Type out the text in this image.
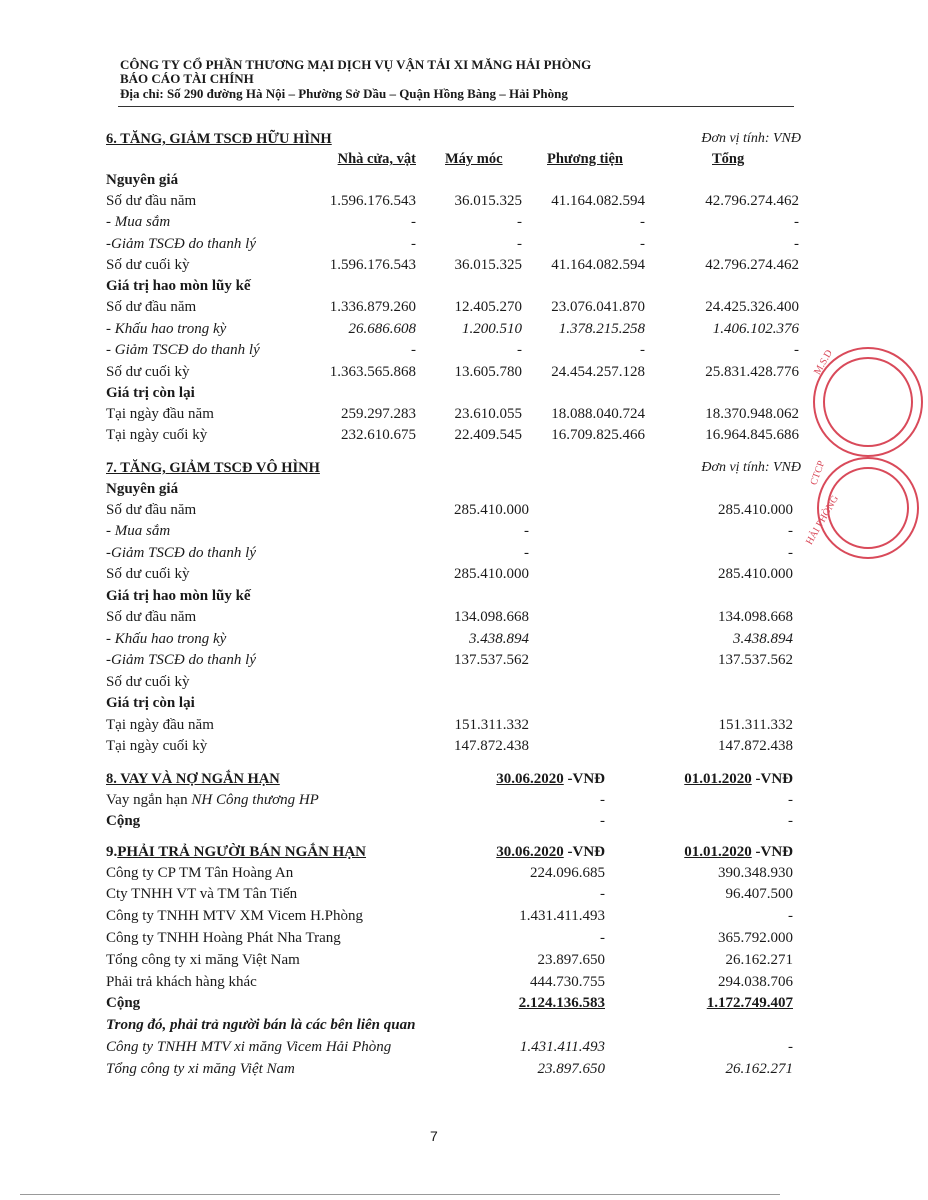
CÔNG TY CỔ PHẦN THƯƠNG MẠI DỊCH VỤ VẬN TẢI XI MĂNG HẢI PHÒNG
BÁO CÁO TÀI CHÍNH
Địa chỉ: Số 290 đường Hà Nội – Phường Sở Dầu – Quận Hồng Bàng – Hải Phòng
6. TĂNG, GIẢM TSCĐ HỮU HÌNH	Đơn vị tính: VNĐ
Nhà cửa, vật Máy móc	Phương tiện	Tổng
Nguyên giá
Số dư đầu năm	1.596.176.543	36.015.325 41.164.082.594	42.796.274.462
- Mua sắm	-	-	-	-
-Giảm TSCĐ do thanh lý	-	-	-	-
Số dư cuối kỳ	1.596.176.543	36.015.325 41.164.082.594	42.796.274.462
Giá trị hao mòn lũy kế
Số dư đầu năm	1.336.879.260	12.405.270 23.076.041.870	24.425.326.400
- Khấu hao trong kỳ	26.686.608	1.200.510 1.378.215.258	1.406.102.376
- Giảm TSCĐ do thanh lý	-	-	-	-
Số dư cuối kỳ	1.363.565.868	13.605.780 24.454.257.128	25.831.428.776
Giá trị còn lại
Tại ngày đầu năm	259.297.283	23.610.055 18.088.040.724	18.370.948.062
Tại ngày cuối kỳ	232.610.675	22.409.545 16.709.825.466	16.964.845.686
7. TĂNG, GIẢM TSCĐ VÔ HÌNH	Đơn vị tính: VNĐ
Nguyên giá
Số dư đầu năm	285.410.000	285.410.000
- Mua sắm	-	-
-Giảm TSCĐ do thanh lý	-	-
Số dư cuối kỳ	285.410.000	285.410.000
Giá trị hao mòn lũy kế
Số dư đầu năm	134.098.668	134.098.668
- Khấu hao trong kỳ	3.438.894	3.438.894
-Giảm TSCĐ do thanh lý	137.537.562	137.537.562
Số dư cuối kỳ
Giá trị còn lại
Tại ngày đầu năm	151.311.332	151.311.332
Tại ngày cuối kỳ	147.872.438	147.872.438
8. VAY VÀ NỢ NGẮN HẠN	30.06.2020 -VNĐ	01.01.2020 -VNĐ
Vay ngắn hạn NH Công thương HP	-	-
Cộng	-	-
9.PHẢI TRẢ NGƯỜI BÁN NGẮN HẠN	30.06.2020 -VNĐ	01.01.2020 -VNĐ
Công ty CP TM Tân Hoàng An	224.096.685	390.348.930
Cty TNHH VT và TM Tân Tiến	-	96.407.500
Công ty TNHH MTV XM Vicem H.Phòng	1.431.411.493	-
Công ty TNHH Hoàng Phát Nha Trang	-	365.792.000
Tổng công ty xi măng Việt Nam	23.897.650	26.162.271
Phải trả khách hàng khác	444.730.755	294.038.706
Cộng	2.124.136.583	1.172.749.407
Trong đó, phải trả người bán là các bên liên quan
Công ty TNHH MTV xi măng Vicem Hải Phòng	1.431.411.493	-
Tổng công ty xi măng Việt Nam	23.897.650	26.162.271
7
M.S.D
CTCP
HẢI PHÒNG
